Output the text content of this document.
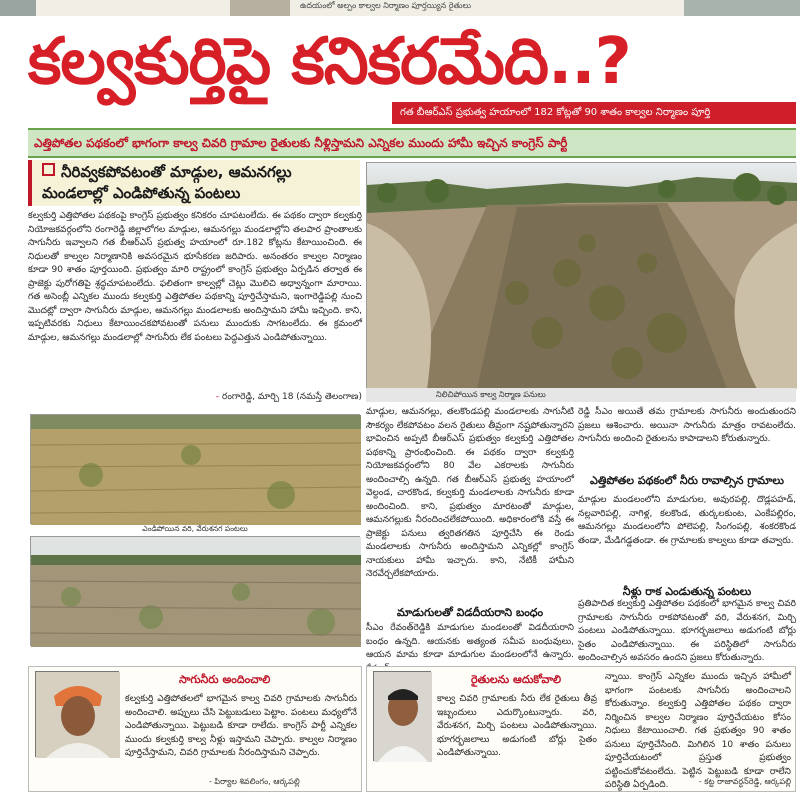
ఉదయంలో అల్పం కాల్వల నిర్మాణం పూర్తయ్యిన రైతులు
కల్వకుర్తిపై కనికరమేది..?
గత బీఆర్ఎస్ ప్రభుత్వ హయాంలో 182 కోట్లతో 90 శాతం కాల్వల నిర్మాణం పూర్తి
ఎత్తిపోతల పథకంలో భాగంగా కాల్వ చివరి గ్రామాల రైతులకు నీళ్లిస్తామని ఎన్నికల ముందు హామీ ఇచ్చిన కాంగ్రెస్ పార్టీ
నీరివ్వకపోవటంతో మాడ్గుల, ఆమనగల్లు
మండలాల్లో ఎండిపోతున్న పంటలు
కల్వకుర్తి ఎత్తిపోతల పథకంపై కాంగ్రెస్ ప్రభుత్వం కనికరం చూపటంలేదు. ఈ పథకం ద్వారా కల్వకుర్తి నియోజకవర్గంలోని రంగారెడ్డి జిల్లాలోగల మాడ్గుల, ఆమనగల్లు మండలాల్లోని తలపార ప్రాంతాలకు సాగునీరు ఇవ్వాలని గత బీఆర్ఎస్ ప్రభుత్వ హయాంలో రూ.182 కోట్లను కేటాయించింది. ఈ నిధులతో కాల్వల నిర్మాణానికి అవసరమైన భూసేకరణ జరిపారు. అనంతరం కాల్వల నిర్మాణం కూడా 90 శాతం పూర్తయింది. ప్రభుత్వం మారి రాష్ట్రంలో కాంగ్రెస్ ప్రభుత్వం ఏర్పడిన తర్వాత ఈ ప్రాజెక్టు పురోగతిపై శ్రద్ధచూపటంలేదు. ఫలితంగా కాల్వల్లో చెట్లు మొలిచి అధ్వాన్నంగా మారాయి. గత అసెంబ్లీ ఎన్నికల ముందు కల్వకుర్తి ఎత్తిపోతల పథకాన్ని పూర్తిచేస్తామని, ఇంగారెడ్డిపల్లి నుంచి మొదట్లో ద్వారా సాగునీరు మాడ్గుల, ఆమనగల్లు మండలాలకు అందిస్తామని హామీ ఇచ్చింది. కాని, ఇప్పటివరకు నిధులు కేటాయించకపోవటంతో పనులు ముందుకు సాగటంలేదు. ఈ క్రమంలో మాడ్గుల, ఆమనగల్లు మండలాల్లో సాగునీరు లేక పంటలు పెద్దఎత్తున ఎండిపోతున్నాయి.
- రంగారెడ్డి, మార్చి 18 (నమస్తే తెలంగాణ)	నిలిచిపోయిన కాల్వ నిర్మాణ పనులు
ఎండిపోయిన వరి, వేరుశనగ పంటలు
మాడ్గుల, ఆమనగల్లు, తలకొండపల్లి మండలాలకు సాగునీటి సౌకర్యం లేకపోవటం వలన రైతులు తీవ్రంగా నష్టపోతున్నారని భావించిన అప్పటి బీఆర్ఎస్ ప్రభుత్వం కల్వకుర్తి ఎత్తిపోతల పథకాన్ని ప్రారంభించింది. ఈ పథకం ద్వారా కల్వకుర్తి నియోజకవర్గంలోని 80 వేల ఎకరాలకు సాగునీరు అందించాల్సి ఉన్నది. గత బీఆర్ఎస్ ప్రభుత్వ హయాంలో వెల్దండ, చారకొండ, కల్వకుర్తి మండలాలకు సాగునీరు కూడా అందించింది. కాని, ప్రభుత్వం మారటంతో మాడ్గుల, ఆమనగల్లుకు నీరందించలేకపోయింది. అధికారంలోకి వస్తే ఈ ప్రాజెక్టు పనులు త్వరితగతిన పూర్తిచేసి ఈ రెండు మండలాలకు సాగునీరు అందిస్తామని ఎన్నికల్లో కాంగ్రెస్ నాయకులు హామీ ఇచ్చారు. కాని, నేటికీ హామీని నెరవేర్చలేకపోయారు.
మాడుగులతో విడదీయరాని బంధం
సీఎం రేవంత్‌రెడ్డికి మాడుగుల మండలంతో విడదీయరాని బంధం ఉన్నది. ఆయనకు అత్యంత సమీప బంధువులు, ఆయన మామ కూడా మాడుగుల మండలంలోనే ఉన్నారు.
రెడ్డి సీఎం అయితే తమ గ్రామాలకు సాగునీరు అందుతుందని ప్రజలు ఆశించారు. అయినా సాగునీరు మాత్రం రావటంలేదు. సాగునీరు అందించి రైతులను కాపాడాలని కోరుతున్నారు.
ఎత్తిపోతల పథకంలో నీరు రావాల్సిన గ్రామాలు
మాడ్గుల మండలంలోని మాడుగుల, అవురపల్లి, దొడ్లపహడ్, నల్లవారిపల్లి, నాగిళ్ల, కలకొండ, తుర్కలకుంట, ఎంకేపల్లిరం, ఆమనగల్లు మండలంలోని పోలెపల్లి, సింగంపల్లి, శంకరకొండ తండా, మేడిగడ్డతండా. ఈ గ్రామాలకు కాల్వలు కూడా తవ్వారు.
నీళ్లు రాక ఎండుతున్న పంటలు
ప్రతిపాదిత కల్వకుర్తి ఎత్తిపోతల పథకంలో భాగమైన కాల్వ చివరి గ్రామాలకు సాగునీరు రాకపోవటంతో వరి, వేరుశనగ, మిర్చి పంటలు ఎండిపోతున్నాయి. భూగర్భజలాలు అడుగంటి బోర్లు సైతం ఎండిపోతున్నాయి. ఈ పరిస్థితిలో సాగునీరు అందించాల్సిన అవసరం ఉందని ప్రజలు కోరుతున్నారు.
సాగునీరు అందించాలి
కల్వకుర్తి ఎత్తిపోతలలో భాగమైన కాల్వ చివరి గ్రామాలకు సాగునీరు అందించాలి. అప్పులు చేసి పెట్టుబడులు పెట్టాం. పంటలు మధ్యలోనే ఎండిపోతున్నాయి. పెట్టుబడి కూడా రాలేదు. కాంగ్రెస్ పార్టీ ఎన్నికల ముందు కల్వకుర్తి కాల్వ నీళ్లు ఇస్తామని చెప్పారు. కాల్వల నిర్మాణం పూర్తిచేస్తామని, చివరి గ్రామాలకు నీరందిస్తామని చెప్పారు.
- పిర్యాల శివలింగం, ఆర్కపల్లి
రైతులను ఆదుకోవాలి
కాల్వ చివరి గ్రామాలకు నీరు లేక రైతులు తీవ్ర ఇబ్బందులు ఎదుర్కొంటున్నారు. వరి, వేరుశనగ, మిర్చి పంటలు ఎండిపోతున్నాయి. భూగర్భజలాలు అడుగంటి బోర్లు సైతం ఎండిపోతున్నాయి.
న్నాయి. కాంగ్రెస్ ఎన్నికల ముందు ఇచ్చిన హామీలో భాగంగా పంటలకు సాగునీరు అందించాలని కోరుతున్నాం. కల్వకుర్తి ఎత్తిపోతల పథకం ద్వారా నిర్మించిన కాల్వల నిర్మాణం పూర్తిచేయటం కోసం నిధులు కేటాయించాలి. గత ప్రభుత్వం 90 శాతం పనులు పూర్తిచేసింది. మిగిలిన 10 శాతం పనులు పూర్తిచేయటంలో ప్రస్తుత ప్రభుత్వం పట్టించుకోవటంలేదు. పెట్టిన పెట్టుబడి కూడా రాలేని పరిస్థితి ఏర్పడింది.	- కట్ట రాజావర్ధన్‌రెడ్డి, ఆర్కపల్లి
